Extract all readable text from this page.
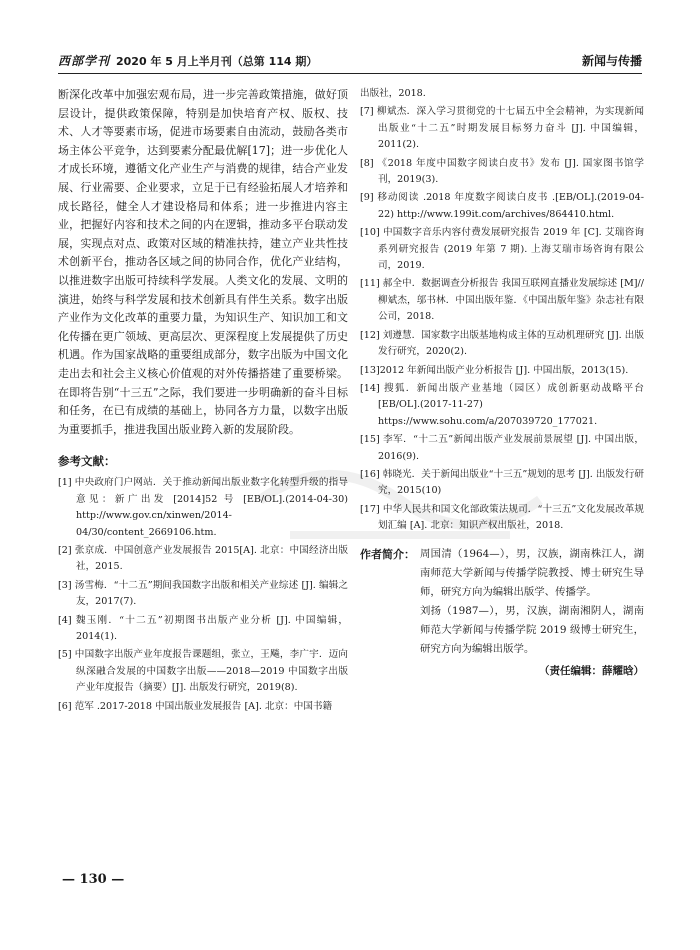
西部学刊 2020 年 5 月上半月刊（总第 114 期）	新闻与传播

断深化改革中加强宏观布局，进一步完善政策措施，做好顶层设计，提供政策保障，特别是加快培育产权、版权、技术、人才等要素市场，促进市场要素自由流动，鼓励各类市场主体公平竞争，达到要素分配最优解[17]；进一步优化人才成长环境，遵循文化产业生产与消费的规律，结合产业发展、行业需要、企业要求，立足于已有经验拓展人才培养和成长路径，健全人才建设格局和体系；进一步推进内容主业，把握好内容和技术之间的内在逻辑，推动多平台联动发展，实现点对点、政策对区域的精准扶持，建立产业共性技术创新平台，推动各区域之间的协同合作，优化产业结构，以推进数字出版可持续科学发展。人类文化的发展、文明的演进，始终与科学发展和技术创新具有伴生关系。数字出版产业作为文化改革的重要力量，为知识生产、知识加工和文化传播在更广领域、更高层次、更深程度上发展提供了历史机遇。作为国家战略的重要组成部分，数字出版为中国文化走出去和社会主义核心价值观的对外传播搭建了重要桥梁。在即将告别“十三五”之际，我们要进一步明确新的奋斗目标和任务，在已有成绩的基础上，协同各方力量，以数字出版为重要抓手，推进我国出版业跨入新的发展阶段。

参考文献：

[1] 中央政府门户网站．关于推动新闻出版业数字化转型升级的指导意见：新广出发 [2014]52 号 [EB/OL].(2014-04-30) http://www.gov.cn/xinwen/2014-04/30/content_2669106.htm.

[2] 张京成．中国创意产业发展报告 2015[A]. 北京：中国经济出版社，2015.

[3] 汤雪梅．“十二五”期间我国数字出版和相关产业综述 [J]. 编辑之友，2017(7).

[4] 魏玉刚．“十二五”初期图书出版产业分析 [J]. 中国编辑，2014(1).

[5] 中国数字出版产业年度报告课题组，张立，王飚，李广宇．迈向纵深融合发展的中国数字出版——2018—2019 中国数字出版产业年度报告（摘要）[J]. 出版发行研究，2019(8).

[6] 范军 .2017-2018 中国出版业发展报告 [A]. 北京：中国书籍

出版社，2018.

[7] 柳斌杰．深入学习贯彻党的十七届五中全会精神，为实现新闻出版业“十二五”时期发展目标努力奋斗 [J]. 中国编辑，2011(2).

[8] 《2018 年度中国数字阅读白皮书》发布 [J]. 国家图书馆学刊，2019(3).

[9] 移动阅读 .2018 年度数字阅读白皮书 .[EB/OL].(2019-04-22) http://www.199it.com/archives/864410.html.

[10] 中国数字音乐内容付费发展研究报告 2019 年 [C]. 艾瑞咨询系列研究报告 (2019 年第 7 期). 上海艾瑞市场咨询有限公司，2019.

[11] 郝全中．数据调查分析报告 我国互联网直播业发展综述 [M]// 柳斌杰，邬书林．中国出版年鉴．《中国出版年鉴》杂志社有限公司，2018.

[12] 刘遵慧．国家数字出版基地构成主体的互动机理研究 [J]. 出版发行研究，2020(2).

[13]2012 年新闻出版产业分析报告 [J]. 中国出版，2013(15).

[14] 搜狐．新闻出版产业基地（园区）成创新驱动战略平台 [EB/OL].(2017-11-27) https://www.sohu.com/a/207039720_177021.

[15] 李军．“十二五”新闻出版产业发展前景展望 [J]. 中国出版，2016(9).

[16] 韩晓光．关于新闻出版业“十三五”规划的思考 [J]. 出版发行研究，2015(10)

[17] 中华人民共和国文化部政策法规司．“十三五”文化发展改革规划汇编 [A]. 北京：知识产权出版社，2018.

作者简介： 周国清（1964—），男，汉族，湖南株江人，湖南师范大学新闻与传播学院教授、博士研究生导师，研究方向为编辑出版学、传播学。

刘扬（1987—），男，汉族，湖南湘阴人，湖南师范大学新闻与传播学院 2019 级博士研究生，研究方向为编辑出版学。

（责任编辑：薛耀晗）
— 130 —
